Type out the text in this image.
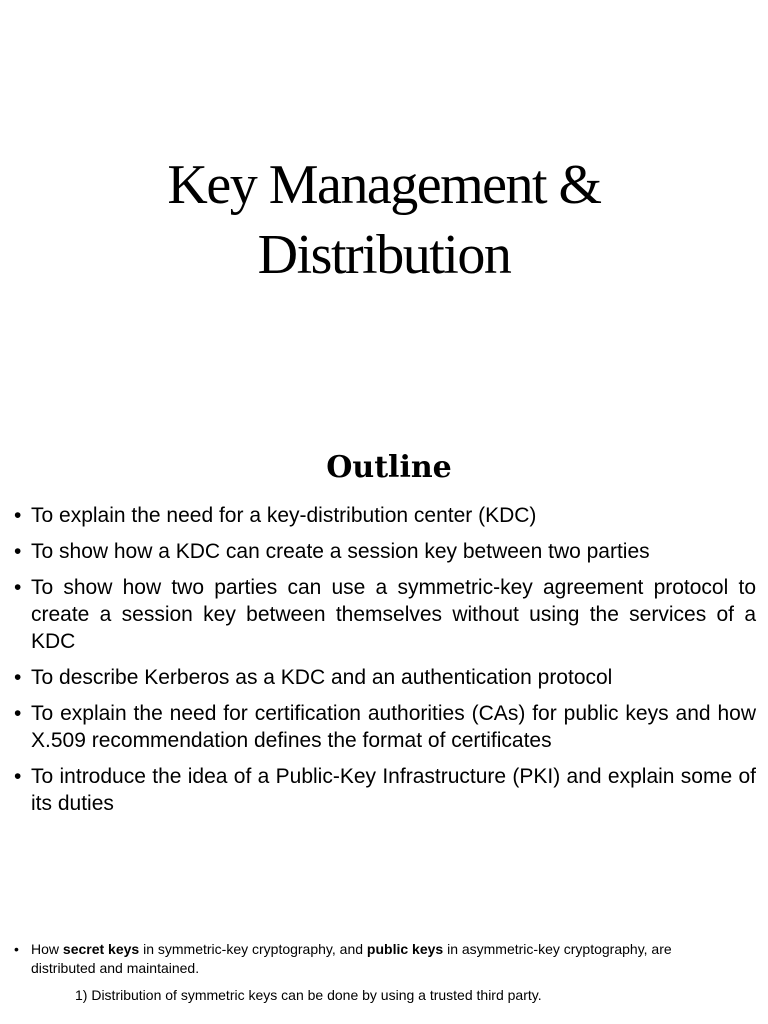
Key Management &
Distribution
Outline
• To explain the need for a key-distribution center (KDC)
• To show how a KDC can create a session key between two parties
• To show how two parties can use a symmetric-key agreement protocol to create a session key between themselves without using the services of a KDC
• To describe Kerberos as a KDC and an authentication protocol
• To explain the need for certification authorities (CAs) for public keys and how X.509 recommendation defines the format of certificates
• To introduce the idea of a Public-Key Infrastructure (PKI) and explain some of its duties
• How secret keys in symmetric-key cryptography, and public keys in asymmetric-key cryptography, are distributed and maintained.
1) Distribution of symmetric keys can be done by using a trusted third party.
